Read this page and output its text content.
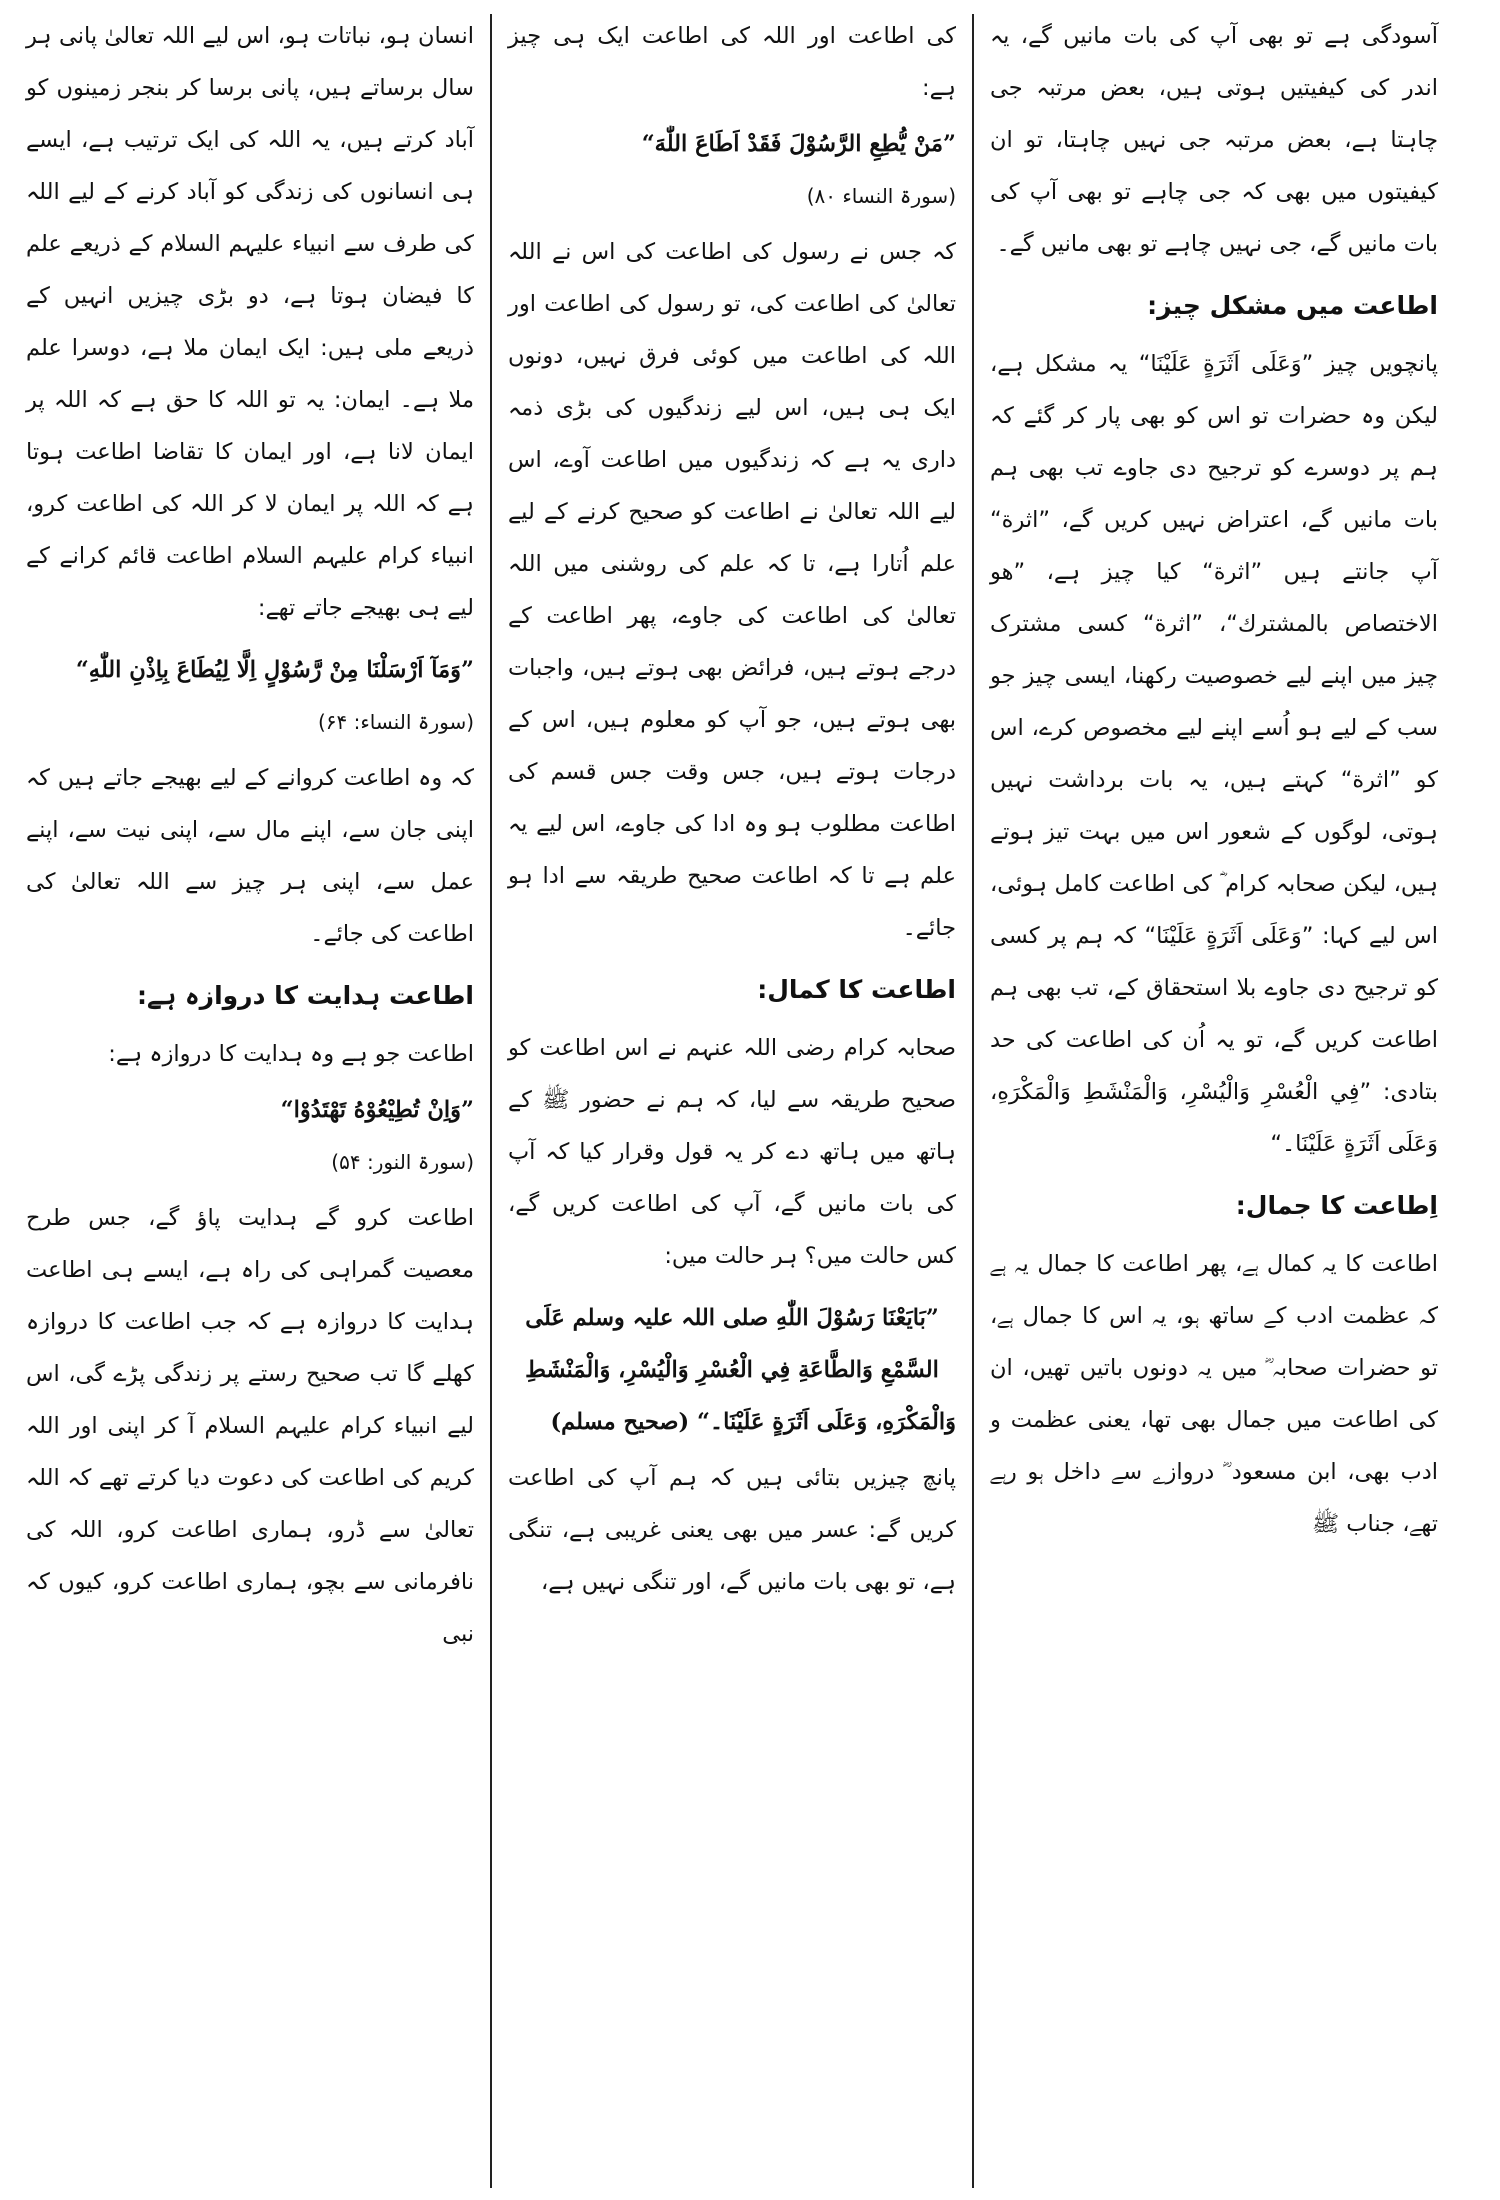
انسان ہو، نباتات ہو، اس لیے اللہ تعالیٰ پانی ہر سال برساتے ہیں، پانی برسا کر بنجر زمینوں کو آباد کرتے ہیں، یہ اللہ کی ایک ترتیب ہے، ایسے ہی انسانوں کی زندگی کو آباد کرنے کے لیے اللہ کی طرف سے انبیاء علیہم السلام کے ذریعے علم کا فیضان ہوتا ہے، دو بڑی چیزیں انہیں کے ذریعے ملی ہیں: ایک ایمان ملا ہے، دوسرا علم ملا ہے۔ ایمان: یہ تو اللہ کا حق ہے کہ اللہ پر ایمان لانا ہے، اور ایمان کا تقاضا اطاعت ہوتا ہے کہ اللہ پر ایمان لا کر اللہ کی اطاعت کرو، انبیاء کرام علیہم السلام اطاعت قائم کرانے کے لیے ہی بھیجے جاتے تھے:

”وَمَآ اَرْسَلْنَا مِنْ رَّسُوْلٍ اِلَّا لِيُطَاعَ بِاِذْنِ اللّٰهِ“

(سورۃ النساء: ۶۴)

کہ وہ اطاعت کروانے کے لیے بھیجے جاتے ہیں کہ اپنی جان سے، اپنے مال سے، اپنی نیت سے، اپنے عمل سے، اپنی ہر چیز سے اللہ تعالیٰ کی اطاعت کی جائے۔

اطاعت ہدایت کا دروازہ ہے:

اطاعت جو ہے وہ ہدایت کا دروازہ ہے:

”وَاِنْ تُطِيْعُوْهُ تَهْتَدُوْا“

(سورۃ النور: ۵۴)

اطاعت کرو گے ہدایت پاؤ گے، جس طرح معصیت گمراہی کی راہ ہے، ایسے ہی اطاعت ہدایت کا دروازہ ہے کہ جب اطاعت کا دروازہ کھلے گا تب صحیح رستے پر زندگی پڑے گی، اس لیے انبیاء کرام علیہم السلام آ کر اپنی اور اللہ کریم کی اطاعت کی دعوت دیا کرتے تھے کہ اللہ تعالیٰ سے ڈرو، ہماری اطاعت کرو، اللہ کی نافرمانی سے بچو، ہماری اطاعت کرو، کیوں کہ نبی

کی اطاعت اور اللہ کی اطاعت ایک ہی چیز ہے:

”مَنْ يُّطِعِ الرَّسُوْلَ فَقَدْ اَطَاعَ اللّٰهَ“

(سورۃ النساء ۸۰)

کہ جس نے رسول کی اطاعت کی اس نے اللہ تعالیٰ کی اطاعت کی، تو رسول کی اطاعت اور اللہ کی اطاعت میں کوئی فرق نہیں، دونوں ایک ہی ہیں، اس لیے زندگیوں کی بڑی ذمہ داری یہ ہے کہ زندگیوں میں اطاعت آوے، اس لیے اللہ تعالیٰ نے اطاعت کو صحیح کرنے کے لیے علم اُتارا ہے، تا کہ علم کی روشنی میں اللہ تعالیٰ کی اطاعت کی جاوے، پھر اطاعت کے درجے ہوتے ہیں، فرائض بھی ہوتے ہیں، واجبات بھی ہوتے ہیں، جو آپ کو معلوم ہیں، اس کے درجات ہوتے ہیں، جس وقت جس قسم کی اطاعت مطلوب ہو وہ ادا کی جاوے، اس لیے یہ علم ہے تا کہ اطاعت صحیح طریقہ سے ادا ہو جائے۔

اطاعت کا کمال:

صحابہ کرام رضی اللہ عنہم نے اس اطاعت کو صحیح طریقہ سے لیا، کہ ہم نے حضور ﷺ کے ہاتھ میں ہاتھ دے کر یہ قول وقرار کیا کہ آپ کی بات مانیں گے، آپ کی اطاعت کریں گے، کس حالت میں؟ ہر حالت میں:

”بَايَعْنَا رَسُوْلَ اللّٰهِ صلی اللہ علیہ وسلم عَلَى السَّمْعِ وَالطَّاعَةِ فِي الْعُسْرِ وَالْيُسْرِ، وَالْمَنْشَطِ وَالْمَكْرَهِ، وَعَلَى اَثَرَةٍ عَلَيْنَا۔“ (صحیح مسلم)

پانچ چیزیں بتائی ہیں کہ ہم آپ کی اطاعت کریں گے: عسر میں بھی یعنی غریبی ہے، تنگی ہے، تو بھی بات مانیں گے، اور تنگی نہیں ہے،

آسودگی ہے تو بھی آپ کی بات مانیں گے، یہ اندر کی کیفیتیں ہوتی ہیں، بعض مرتبہ جی چاہتا ہے، بعض مرتبہ جی نہیں چاہتا، تو ان کیفیتوں میں بھی کہ جی چاہے تو بھی آپ کی بات مانیں گے، جی نہیں چاہے تو بھی مانیں گے۔

اطاعت میں مشکل چیز:

پانچویں چیز ”وَعَلَى اَثَرَةٍ عَلَيْنَا“ یہ مشکل ہے، لیکن وہ حضرات تو اس کو بھی پار کر گئے کہ ہم پر دوسرے کو ترجیح دی جاوے تب بھی ہم بات مانیں گے، اعتراض نہیں کریں گے، ”اثرة“ آپ جانتے ہیں ”اثرة“ کیا چیز ہے، ”هو الاختصاص بالمشترك“، ”اثرة“ کسی مشترک چیز میں اپنے لیے خصوصیت رکھنا، ایسی چیز جو سب کے لیے ہو اُسے اپنے لیے مخصوص کرے، اس کو ”اثرة“ کہتے ہیں، یہ بات برداشت نہیں ہوتی، لوگوں کے شعور اس میں بہت تیز ہوتے ہیں، لیکن صحابہ کرام ؓ کی اطاعت کامل ہوئی، اس لیے کہا: ”وَعَلَى اَثَرَةٍ عَلَيْنَا“ کہ ہم پر کسی کو ترجیح دی جاوے بلا استحقاق کے، تب بھی ہم اطاعت کریں گے، تو یہ اُن کی اطاعت کی حد بتادی: ”فِي الْعُسْرِ وَالْيُسْرِ، وَالْمَنْشَطِ وَالْمَكْرَهِ، وَعَلَى اَثَرَةٍ عَلَيْنَا۔“

اِطاعت کا جمال:

اطاعت کا یہ کمال ہے، پھر اطاعت کا جمال یہ ہے کہ عظمت ادب کے ساتھ ہو، یہ اس کا جمال ہے، تو حضرات صحابہ ؓ میں یہ دونوں باتیں تھیں، ان کی اطاعت میں جمال بھی تھا، یعنی عظمت و ادب بھی، ابن مسعود ؓ دروازے سے داخل ہو رہے تھے، جناب ﷺ
